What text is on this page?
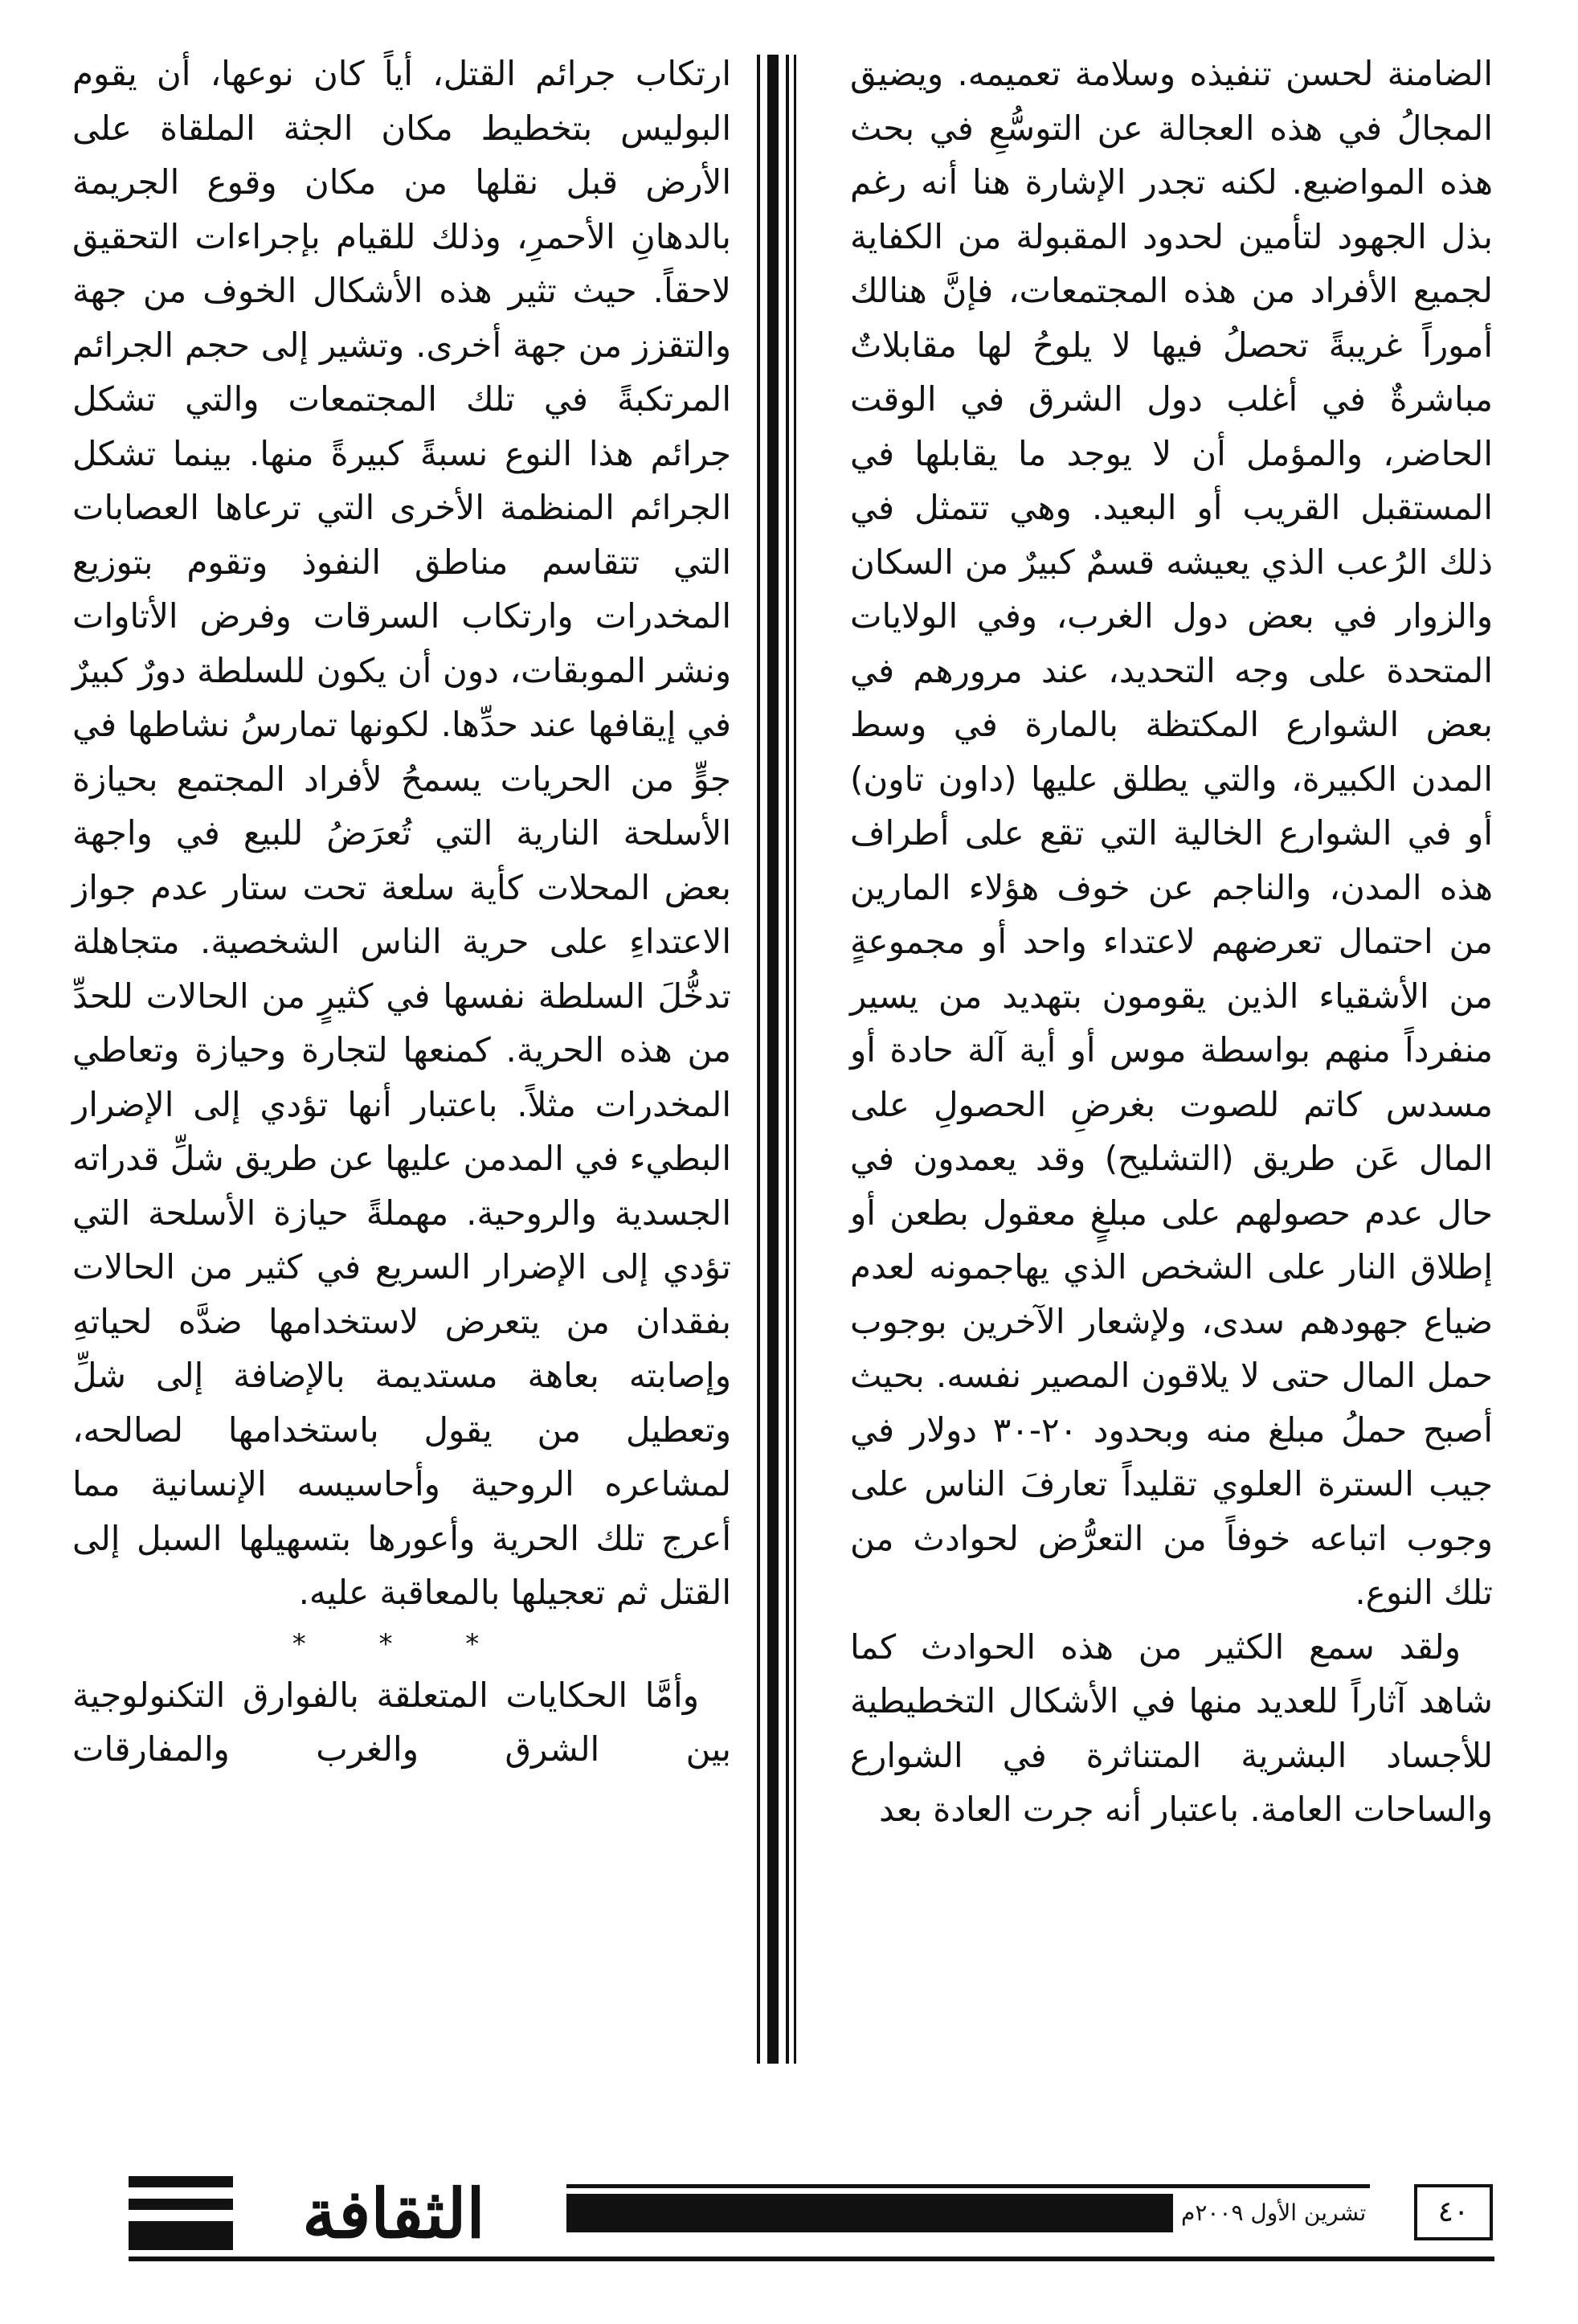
الضامنة لحسن تنفيذه وسلامة تعميمه. ويضيق المجالُ في هذه العجالة عن التوسُّعِ في بحث هذه المواضيع. لكنه تجدر الإشارة هنا أنه رغم بذل الجهود لتأمين لحدود المقبولة من الكفاية لجميع الأفراد من هذه المجتمعات، فإنَّ هنالك أموراً غريبةً تحصلُ فيها لا يلوحُ لها مقابلاتٌ مباشرةٌ في أغلب دول الشرق في الوقت الحاضر، والمؤمل أن لا يوجد ما يقابلها في المستقبل القريب أو البعيد. وهي تتمثل في ذلك الرُعب الذي يعيشه قسمٌ كبيرٌ من السكان والزوار في بعض دول الغرب، وفي الولايات المتحدة على وجه التحديد، عند مرورهم في بعض الشوارع المكتظة بالمارة في وسط المدن الكبيرة، والتي يطلق عليها (داون تاون) أو في الشوارع الخالية التي تقع على أطراف هذه المدن، والناجم عن خوف هؤلاء المارين من احتمال تعرضهم لاعتداء واحد أو مجموعةٍ من الأشقياء الذين يقومون بتهديد من يسير منفرداً منهم بواسطة موس أو أية آلة حادة أو مسدس كاتم للصوت بغرضِ الحصولِ على المال عَن طريق (التشليح) وقد يعمدون في حال عدم حصولهم على مبلغٍ معقول بطعن أو إطلاق النار على الشخص الذي يهاجمونه لعدم ضياع جهودهم سدى، ولإشعار الآخرين بوجوب حمل المال حتى لا يلاقون المصير نفسه. بحيث أصبح حملُ مبلغ منه وبحدود ٢٠-٣٠ دولار في جيب السترة العلوي تقليداً تعارفَ الناس على وجوب اتباعه خوفاً من التعرُّض لحوادث من تلك النوع.

ولقد سمع الكثير من هذه الحوادث كما شاهد آثاراً للعديد منها في الأشكال التخطيطية للأجساد البشرية المتناثرة في الشوارع والساحات العامة. باعتبار أنه جرت العادة بعد

ارتكاب جرائم القتل، أياً كان نوعها، أن يقوم البوليس بتخطيط مكان الجثة الملقاة على الأرض قبل نقلها من مكان وقوع الجريمة بالدهانِ الأحمرِ، وذلك للقيام بإجراءات التحقيق لاحقاً. حيث تثير هذه الأشكال الخوف من جهة والتقزز من جهة أخرى. وتشير إلى حجم الجرائم المرتكبةً في تلك المجتمعات والتي تشكل جرائم هذا النوع نسبةً كبيرةً منها. بينما تشكل الجرائم المنظمة الأخرى التي ترعاها العصابات التي تتقاسم مناطق النفوذ وتقوم بتوزيع المخدرات وارتكاب السرقات وفرض الأتاوات ونشر الموبقات، دون أن يكون للسلطة دورٌ كبيرٌ في إيقافها عند حدِّها. لكونها تمارسُ نشاطها في جوٍّ من الحريات يسمحُ لأفراد المجتمع بحيازة الأسلحة النارية التي تُعرَضُ للبيع في واجهة بعض المحلات كأية سلعة تحت ستار عدم جواز الاعتداءِ على حرية الناس الشخصية. متجاهلة تدخُّلَ السلطة نفسها في كثيرٍ من الحالات للحدِّ من هذه الحرية. كمنعها لتجارة وحيازة وتعاطي المخدرات مثلاً. باعتبار أنها تؤدي إلى الإضرار البطيء في المدمن عليها عن طريق شلِّ قدراته الجسدية والروحية. مهملةً حيازة الأسلحة التي تؤدي إلى الإضرار السريع في كثير من الحالات بفقدان من يتعرض لاستخدامها ضدَّه لحياتهِ وإصابته بعاهة مستديمة بالإضافة إلى شلِّ وتعطيل من يقول باستخدامها لصالحه، لمشاعره الروحية وأحاسيسه الإنسانية مما أعرج تلك الحرية وأعورها بتسهيلها السبل إلى القتل ثم تعجيلها بالمعاقبة عليه.

* * *

وأمَّا الحكايات المتعلقة بالفوارق التكنولوجية بين الشرق والغرب والمفارقات

الثقافة	تشرين الأول ٢٠٠٩م	٤٠
